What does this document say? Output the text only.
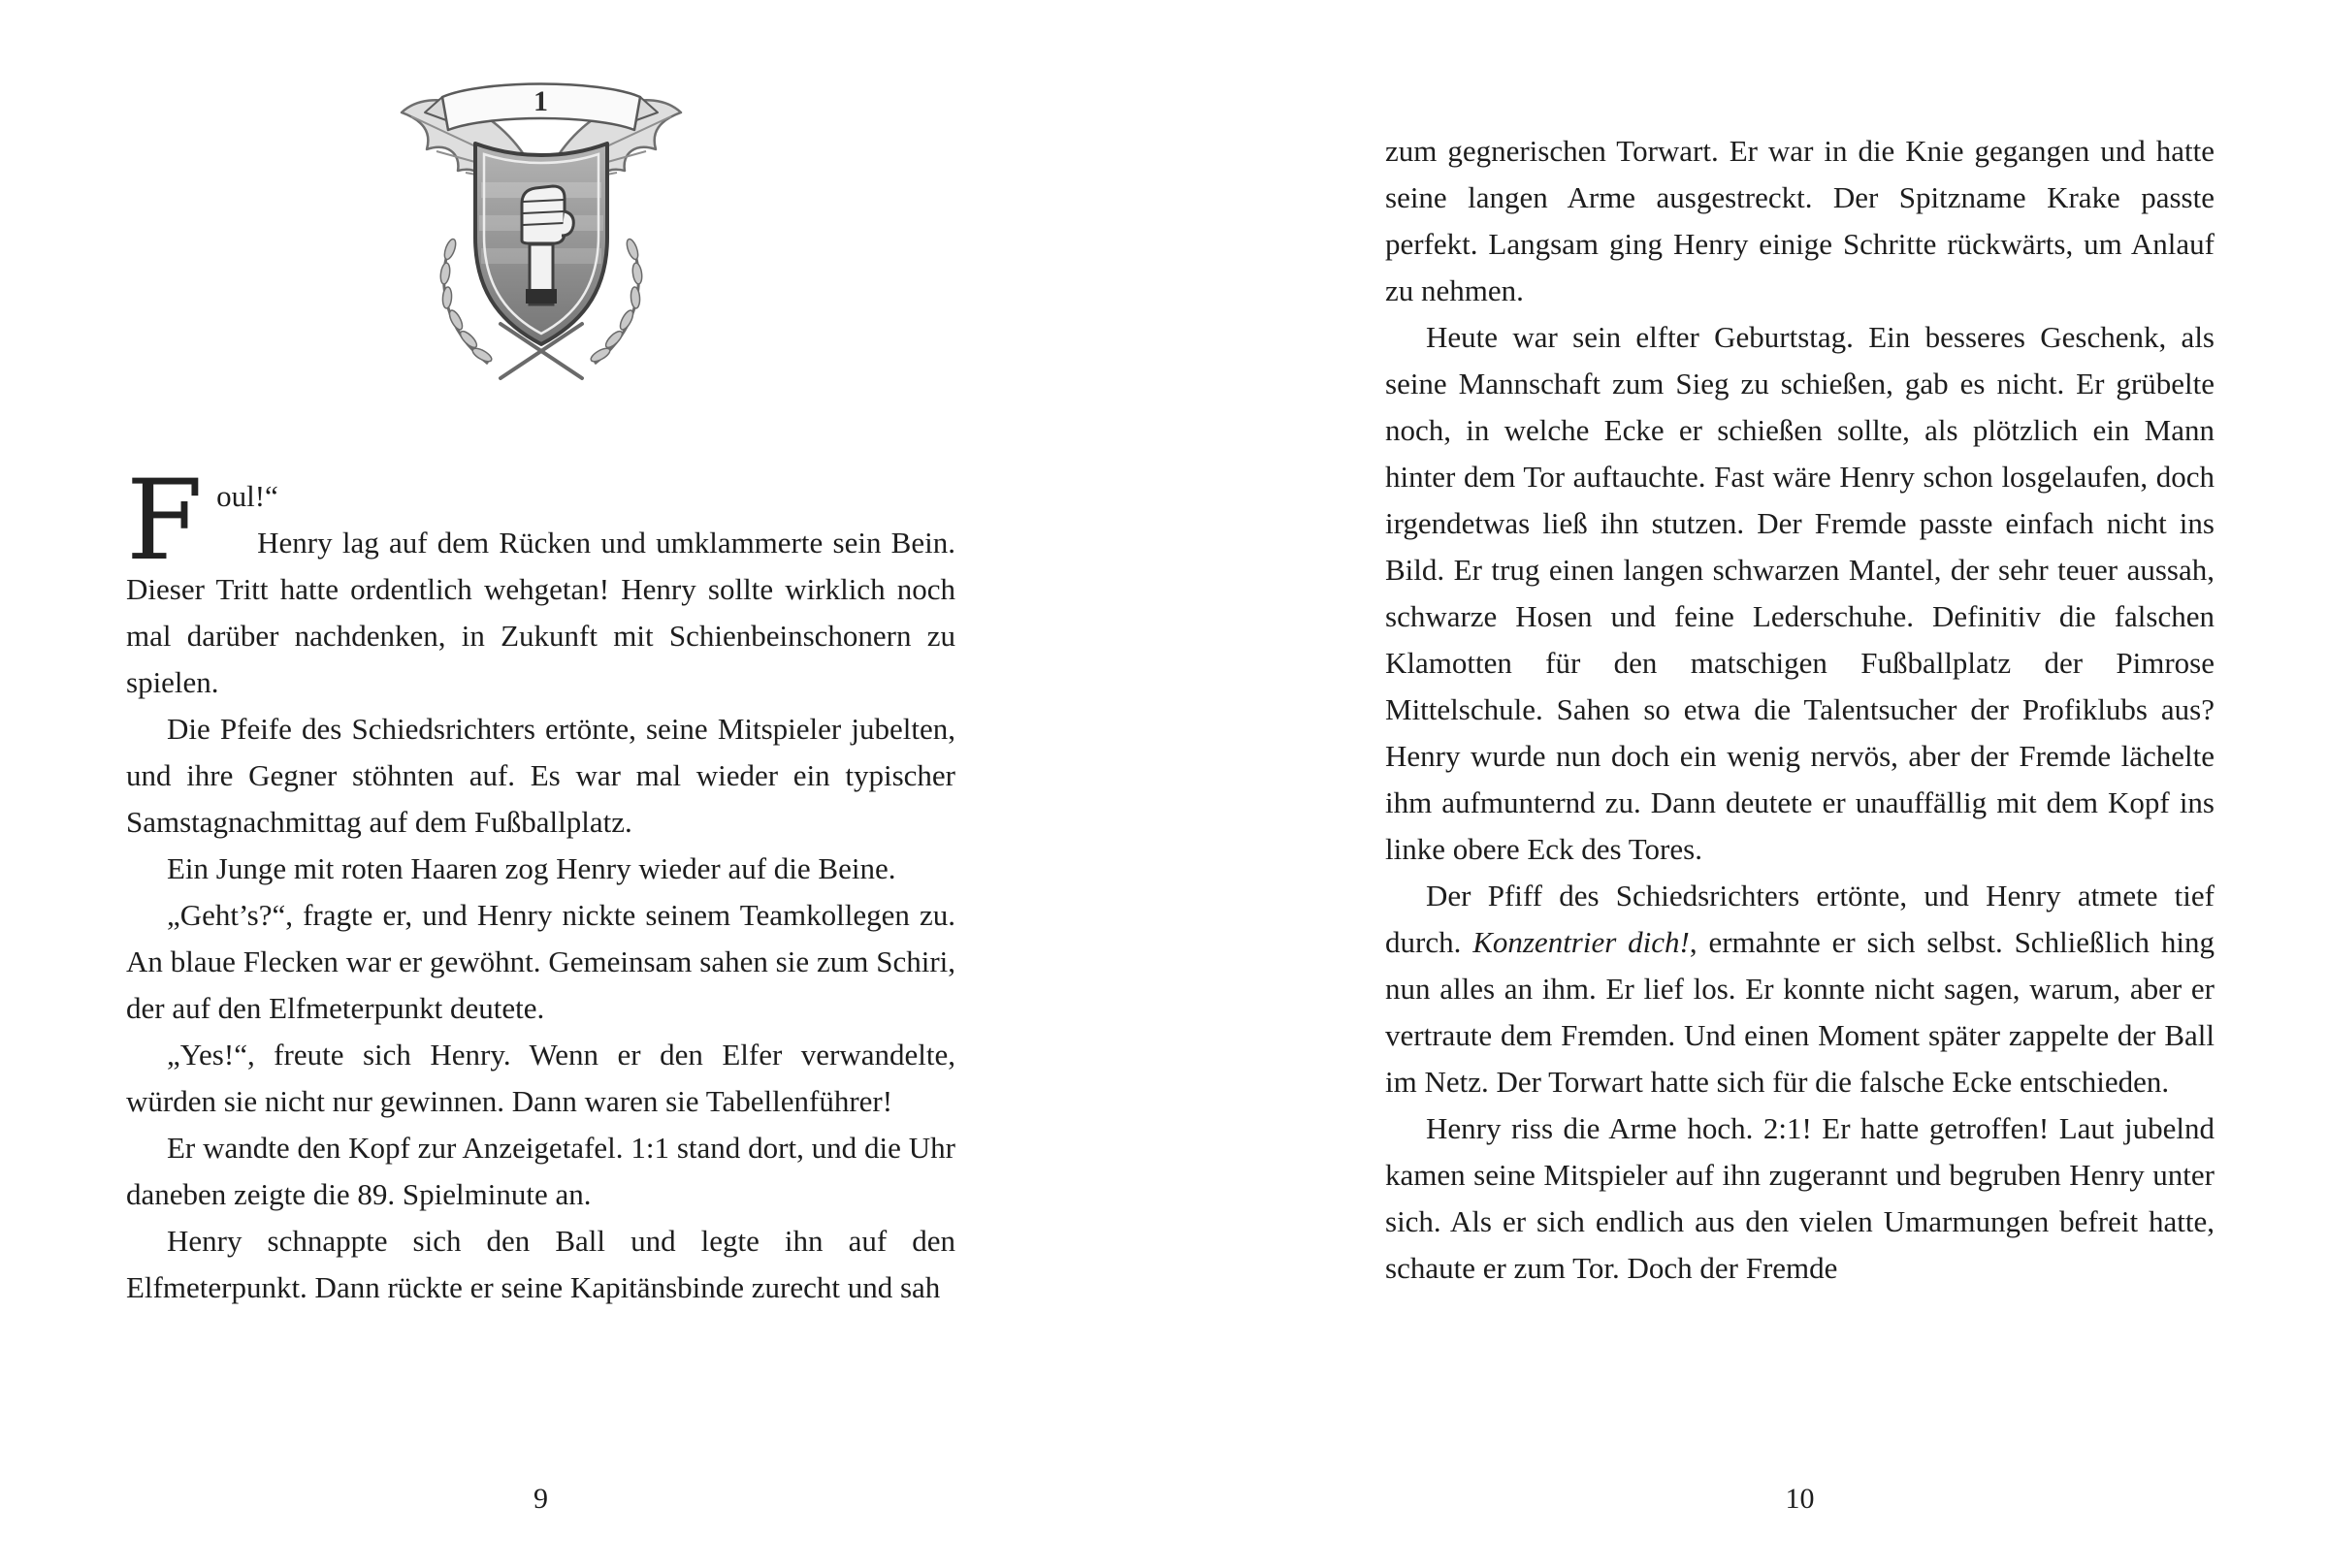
1
F oul!“

Henry lag auf dem Rücken und umklammerte sein Bein. Dieser Tritt hatte ordentlich wehgetan! Henry sollte wirklich noch mal darüber nachdenken, in Zukunft mit Schienbeinschonern zu spielen.

Die Pfeife des Schiedsrichters ertönte, seine Mitspieler jubelten, und ihre Gegner stöhnten auf. Es war mal wieder ein typischer Samstagnachmittag auf dem Fußballplatz.

Ein Junge mit roten Haaren zog Henry wieder auf die Beine.

„Geht’s?“, fragte er, und Henry nickte seinem Teamkollegen zu. An blaue Flecken war er gewöhnt. Gemeinsam sahen sie zum Schiri, der auf den Elfmeterpunkt deutete.

„Yes!“, freute sich Henry. Wenn er den Elfer verwandelte, würden sie nicht nur gewinnen. Dann waren sie Tabellenführer!

Er wandte den Kopf zur Anzeigetafel. 1:1 stand dort, und die Uhr daneben zeigte die 89. Spielminute an.

Henry schnappte sich den Ball und legte ihn auf den Elfmeterpunkt. Dann rückte er seine Kapitänsbinde zurecht und sah

zum gegnerischen Torwart. Er war in die Knie gegangen und hatte seine langen Arme ausgestreckt. Der Spitzname Krake passte perfekt. Langsam ging Henry einige Schritte rückwärts, um Anlauf zu nehmen.

Heute war sein elfter Geburtstag. Ein besseres Geschenk, als seine Mannschaft zum Sieg zu schießen, gab es nicht. Er grübelte noch, in welche Ecke er schießen sollte, als plötzlich ein Mann hinter dem Tor auftauchte. Fast wäre Henry schon losgelaufen, doch irgendetwas ließ ihn stutzen. Der Fremde passte einfach nicht ins Bild. Er trug einen langen schwarzen Mantel, der sehr teuer aussah, schwarze Hosen und feine Lederschuhe. Definitiv die falschen Klamotten für den matschigen Fußballplatz der Pimrose Mittelschule. Sahen so etwa die Talentsucher der Profiklubs aus? Henry wurde nun doch ein wenig nervös, aber der Fremde lächelte ihm aufmunternd zu. Dann deutete er unauffällig mit dem Kopf ins linke obere Eck des Tores.

Der Pfiff des Schiedsrichters ertönte, und Henry atmete tief durch. Konzentrier dich!, ermahnte er sich selbst. Schließlich hing nun alles an ihm. Er lief los. Er konnte nicht sagen, warum, aber er vertraute dem Fremden. Und einen Moment später zappelte der Ball im Netz. Der Torwart hatte sich für die falsche Ecke entschieden.

Henry riss die Arme hoch. 2:1! Er hatte getroffen! Laut jubelnd kamen seine Mitspieler auf ihn zugerannt und begruben Henry unter sich. Als er sich endlich aus den vielen Umarmungen befreit hatte, schaute er zum Tor. Doch der Fremde

9	10
